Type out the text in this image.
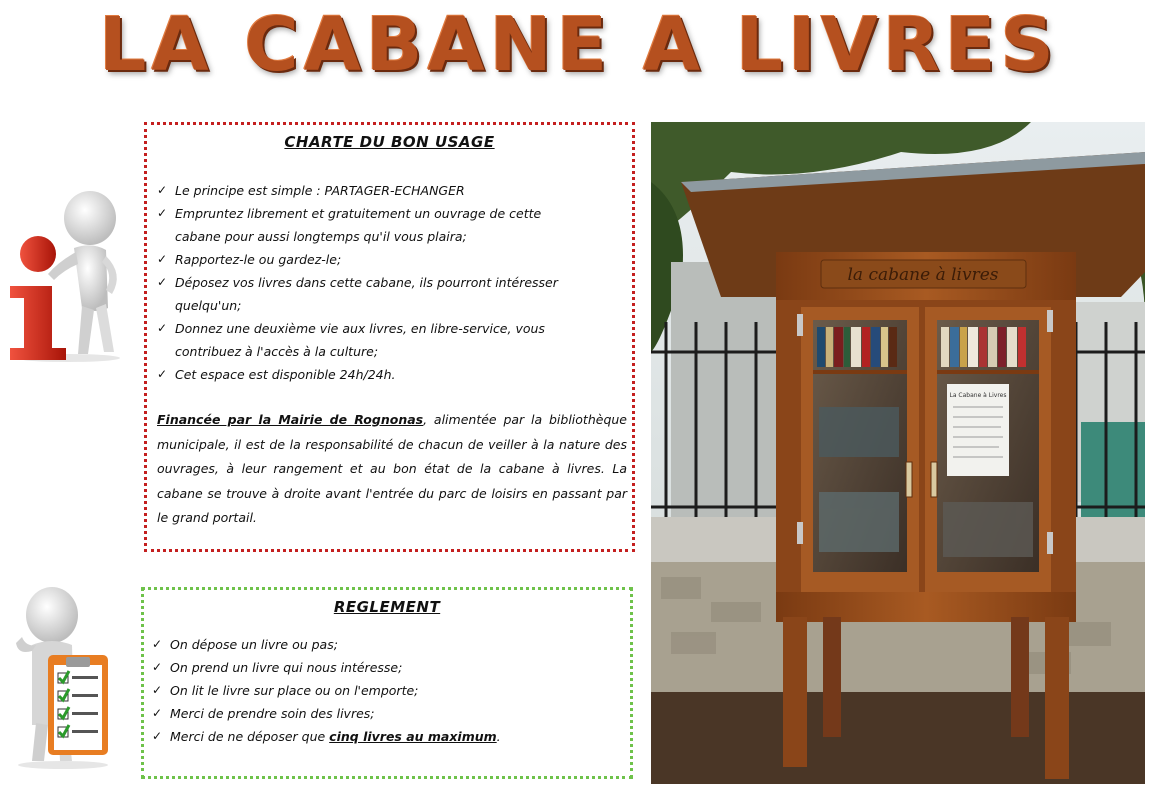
LA CABANE A LIVRES
CHARTE DU BON USAGE
✓ Le principe est simple : PARTAGER-ECHANGER
✓ Empruntez librement et gratuitement un ouvrage de cette
cabane pour aussi longtemps qu'il vous plaira;
✓ Rapportez-le ou gardez-le;
✓ Déposez vos livres dans cette cabane, ils pourront intéresser
quelqu'un;
✓ Donnez une deuxième vie aux livres, en libre-service, vous
contribuez à l'accès à la culture;
✓ Cet espace est disponible 24h/24h.
Financée par la Mairie de Rognonas, alimentée par la bibliothèque municipale, il est de la responsabilité de chacun de veiller à la nature des ouvrages, à leur rangement et au bon état de la cabane à livres. La cabane se trouve à droite avant l'entrée du parc de loisirs en passant par le grand portail.
la cabane à livres
La Cabane à Livres
REGLEMENT
✓ On dépose un livre ou pas;
✓ On prend un livre qui nous intéresse;
✓ On lit le livre sur place ou on l'emporte;
✓ Merci de prendre soin des livres;
✓ Merci de ne déposer que cinq livres au maximum.
